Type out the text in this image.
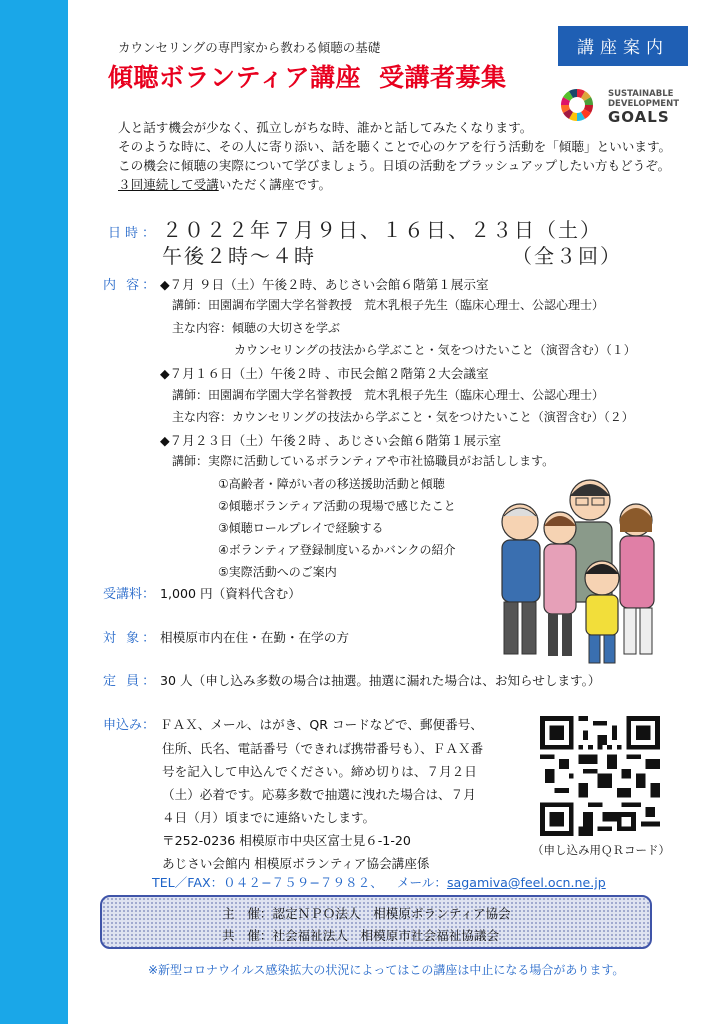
カウンセリングの専門家から教わる傾聴の基礎
傾聴ボランティア講座 受講者募集
講座案内
SUSTAINABLE
DEVELOPMENT
GOALS

人と話す機会が少なく、孤立しがちな時、誰かと話してみたくなります。

そのような時に、その人に寄り添い、話を聴くことで心のケアを行う活動を「傾聴」といいます。この機会に傾聴の実際について学びましょう。日頃の活動をブラッシュアップしたい方もどうぞ。

３回連続して受講いただく講座です。

日時： ２０２２年７月９日、１６日、２３日（土）
午後２時〜４時	（全３回）
内 容： ◆７月 ９日（土）午後２時、あじさい会館６階第１展示室
講師：田園調布学園大学名誉教授　荒木乳根子先生（臨床心理士、公認心理士）
主な内容：傾聴の大切さを学ぶ
カウンセリングの技法から学ぶこと・気をつけたいこと（演習含む）（１）
◆７月１６日（土）午後２時 、市民会館２階第２大会議室
講師：田園調布学園大学名誉教授　荒木乳根子先生（臨床心理士、公認心理士）
主な内容：カウンセリングの技法から学ぶこと・気をつけたいこと（演習含む）（２）
◆７月２３日（土）午後２時 、あじさい会館６階第１展示室
講師：実際に活動しているボランティアや市社協職員がお話しします。
①高齢者・障がい者の移送援助活動と傾聴
②傾聴ボランティア活動の現場で感じたこと
③傾聴ロールプレイで経験する
④ボランティア登録制度いるかバンクの紹介
⑤実際活動へのご案内
受講料： 1,000 円（資料代含む）
対 象： 相模原市内在住・在勤・在学の方
定 員： 30 人（申し込み多数の場合は抽選。抽選に漏れた場合は、お知らせします。）
申込み： ＦＡＸ、メール、はがき、QR コードなどで、郵便番号、
住所、氏名、電話番号（できれば携帯番号も）、ＦＡＸ番
号を記入して申込んでください。締め切りは、７月２日
（土）必着です。応募多数で抽選に洩れた場合は、７月
４日（月）頃までに連絡いたします。
〒252-0236 相模原市中央区富士見６-1-20
あじさい会館内 相模原ボランティア協会講座係
（申し込み用ＱＲコード）
TEL／FAX：０４２−７５９−７９８２、 メール：sagamiva@feel.ocn.ne.jp
主　催：認定ＮＰＯ法人　相模原ボランティア協会
共　催：社会福祉法人　相模原市社会福祉協議会
※新型コロナウイルス感染拡大の状況によってはこの講座は中止になる場合があります。
